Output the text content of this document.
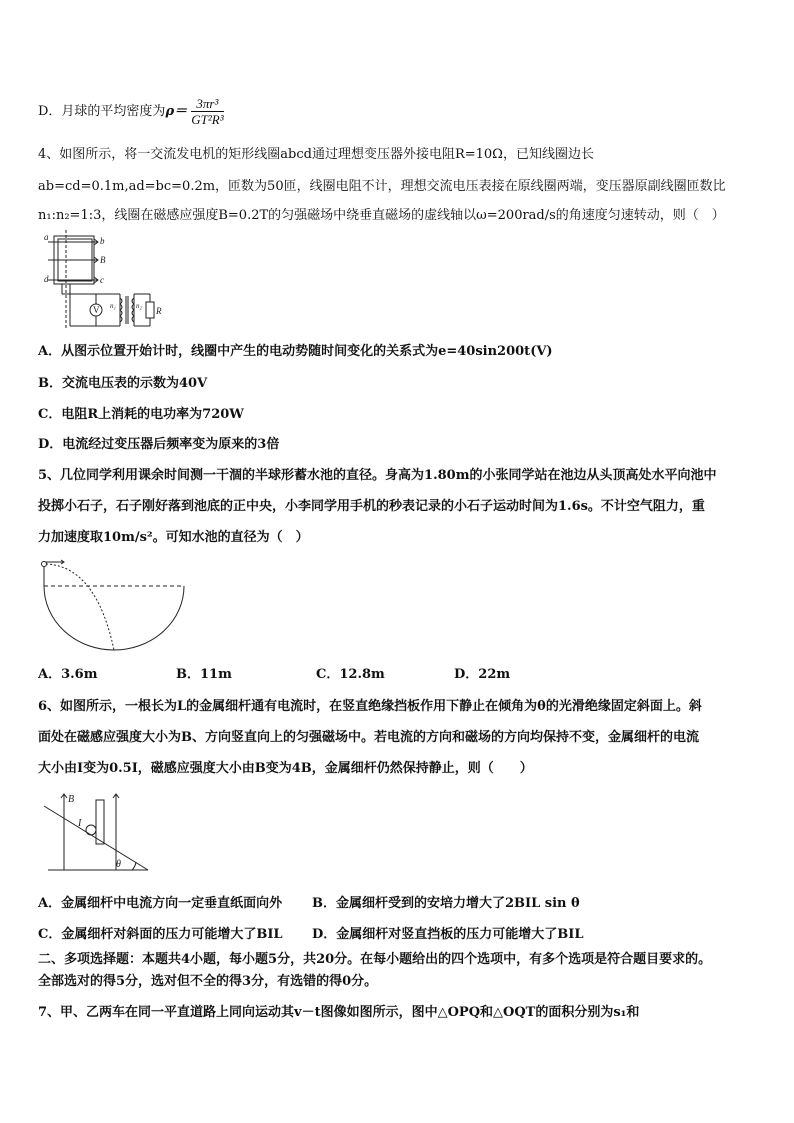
D．月球的平均密度为$\rho= \frac{\text{3πr³}}{\text{GT²R³}}$
4、如图所示，将一交流发电机的矩形线圈abcd通过理想变压器外接电阻R=10Ω，已知线圈边长
ab=cd=0.1m,ad=bc=0.2m，匝数为50匝，线圈电阻不计，理想交流电压表接在原线圈两端，变压器原副线圈匝数比
n₁:n₂=1:3，线圈在磁感应强度B=0.2T的匀强磁场中绕垂直磁场的虚线轴以ω=200rad/s的角速度匀速转动，则（　）
a	b
B
d	c
V n₁	n₂ R
A．从图示位置开始计时，线圈中产生的电动势随时间变化的关系式为e=40sin200t(V)
B．交流电压表的示数为40V
C．电阻R上消耗的电功率为720W
D．电流经过变压器后频率变为原来的3倍
5、几位同学利用课余时间测一干涸的半球形蓄水池的直径。身高为1.80m的小张同学站在池边从头顶高处水平向池中
投掷小石子，石子刚好落到池底的正中央，小李同学用手机的秒表记录的小石子运动时间为1.6s。不计空气阻力，重
力加速度取10m/s²。可知水池的直径为（　）
A．3.6m	B．11m	C．12.8m	D．22m
6、如图所示，一根长为L的金属细杆通有电流时，在竖直绝缘挡板作用下静止在倾角为θ的光滑绝缘固定斜面上。斜
面处在磁感应强度大小为B、方向竖直向上的匀强磁场中。若电流的方向和磁场的方向均保持不变，金属细杆的电流
大小由I变为0.5I，磁感应强度大小由B变为4B，金属细杆仍然保持静止，则（　　）
B
I
θ
A．金属细杆中电流方向一定垂直纸面向外 B．金属细杆受到的安培力增大了2BIL sin θ
C．金属细杆对斜面的压力可能增大了BIL D．金属细杆对竖直挡板的压力可能增大了BIL
二、多项选择题：本题共4小题，每小题5分，共20分。在每小题给出的四个选项中，有多个选项是符合题目要求的。
全部选对的得5分，选对但不全的得3分，有选错的得0分。
7、甲、乙两车在同一平直道路上同向运动其v－t图像如图所示，图中△OPQ和△OQT的面积分别为s₁和
